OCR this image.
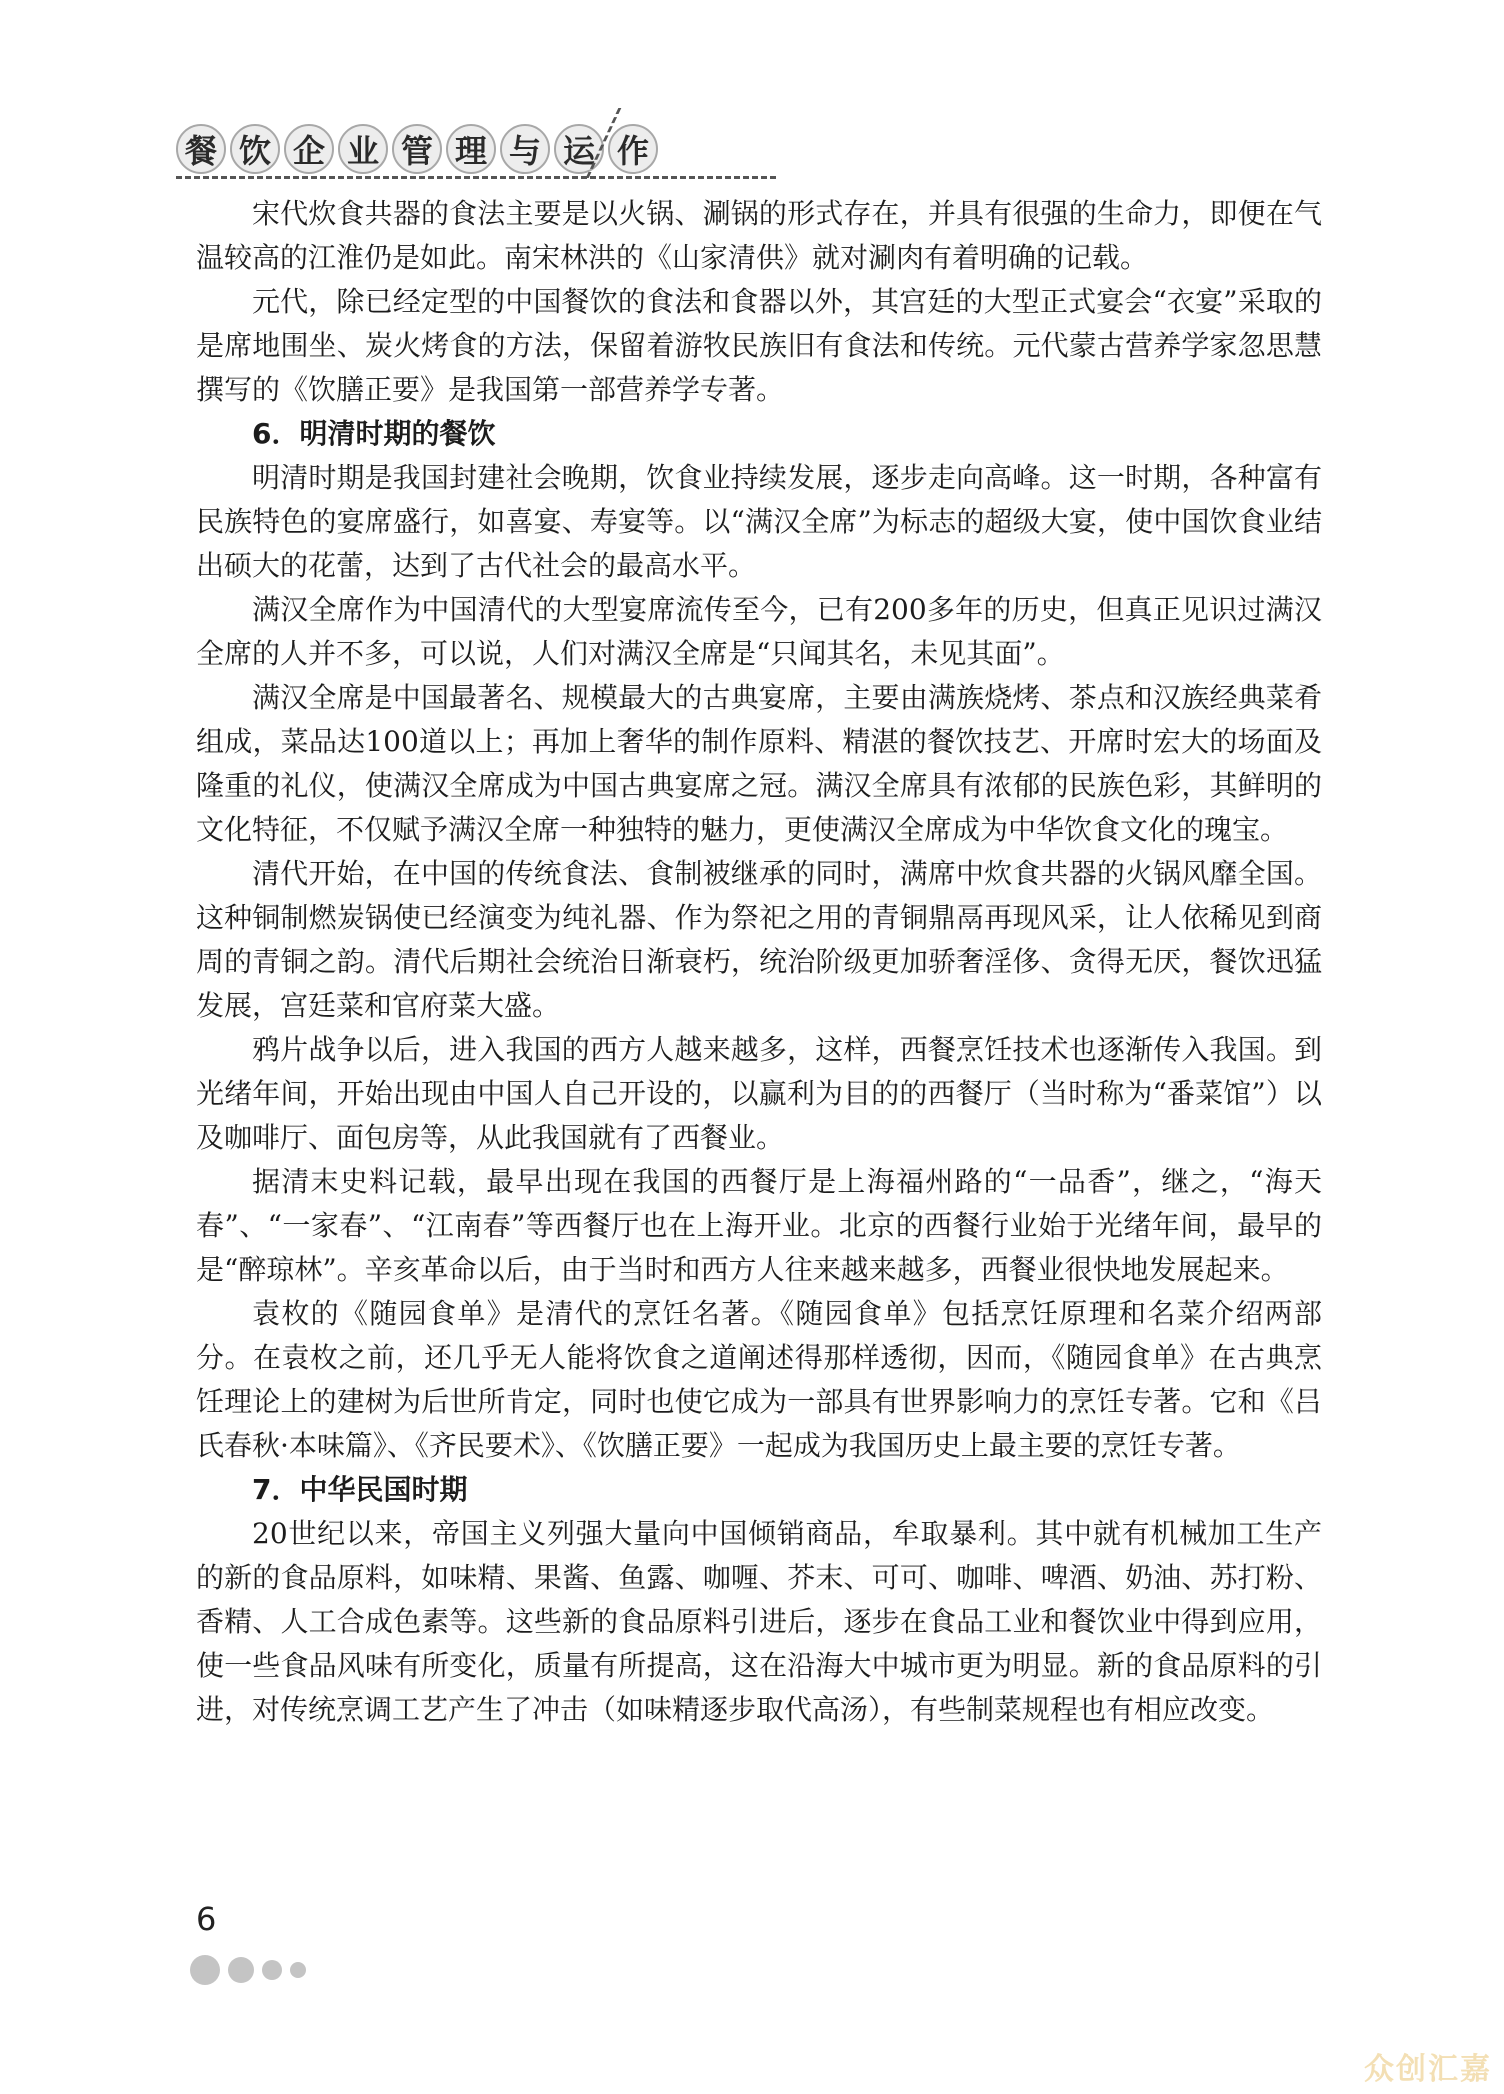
餐 饮 企 业 管 理 与 运 作

宋代炊食共器的食法主要是以火锅、涮锅的形式存在，并具有很强的生命力，即便在气温较高的江淮仍是如此。南宋林洪的《山家清供》就对涮肉有着明确的记载。

元代，除已经定型的中国餐饮的食法和食器以外，其宫廷的大型正式宴会“衣宴”采取的是席地围坐、炭火烤食的方法，保留着游牧民族旧有食法和传统。元代蒙古营养学家忽思慧撰写的《饮膳正要》是我国第一部营养学专著。

6．明清时期的餐饮

明清时期是我国封建社会晚期，饮食业持续发展，逐步走向高峰。这一时期，各种富有民族特色的宴席盛行，如喜宴、寿宴等。以“满汉全席”为标志的超级大宴，使中国饮食业结出硕大的花蕾，达到了古代社会的最高水平。

满汉全席作为中国清代的大型宴席流传至今，已有200多年的历史，但真正见识过满汉全席的人并不多，可以说，人们对满汉全席是“只闻其名，未见其面”。

满汉全席是中国最著名、规模最大的古典宴席，主要由满族烧烤、茶点和汉族经典菜肴组成，菜品达100道以上；再加上奢华的制作原料、精湛的餐饮技艺、开席时宏大的场面及隆重的礼仪，使满汉全席成为中国古典宴席之冠。满汉全席具有浓郁的民族色彩，其鲜明的文化特征，不仅赋予满汉全席一种独特的魅力，更使满汉全席成为中华饮食文化的瑰宝。

清代开始，在中国的传统食法、食制被继承的同时，满席中炊食共器的火锅风靡全国。这种铜制燃炭锅使已经演变为纯礼器、作为祭祀之用的青铜鼎鬲再现风采，让人依稀见到商周的青铜之韵。清代后期社会统治日渐衰朽，统治阶级更加骄奢淫侈、贪得无厌，餐饮迅猛发展，宫廷菜和官府菜大盛。

鸦片战争以后，进入我国的西方人越来越多，这样，西餐烹饪技术也逐渐传入我国。到光绪年间，开始出现由中国人自己开设的，以赢利为目的的西餐厅（当时称为“番菜馆”）以及咖啡厅、面包房等，从此我国就有了西餐业。

据清末史料记载，最早出现在我国的西餐厅是上海福州路的“一品香”，继之，“海天春”、“一家春”、“江南春”等西餐厅也在上海开业。北京的西餐行业始于光绪年间，最早的是“醉琼林”。辛亥革命以后，由于当时和西方人往来越来越多，西餐业很快地发展起来。

袁枚的《随园食单》是清代的烹饪名著。《随园食单》包括烹饪原理和名菜介绍两部分。在袁枚之前，还几乎无人能将饮食之道阐述得那样透彻，因而，《随园食单》在古典烹饪理论上的建树为后世所肯定，同时也使它成为一部具有世界影响力的烹饪专著。它和《吕氏春秋·本味篇》、《齐民要术》、《饮膳正要》一起成为我国历史上最主要的烹饪专著。

7．中华民国时期

20世纪以来，帝国主义列强大量向中国倾销商品，牟取暴利。其中就有机械加工生产的新的食品原料，如味精、果酱、鱼露、咖喱、芥末、可可、咖啡、啤酒、奶油、苏打粉、香精、人工合成色素等。这些新的食品原料引进后，逐步在食品工业和餐饮业中得到应用，使一些食品风味有所变化，质量有所提高，这在沿海大中城市更为明显。新的食品原料的引进，对传统烹调工艺产生了冲击（如味精逐步取代高汤），有些制菜规程也有相应改变。

6
众创汇嘉
